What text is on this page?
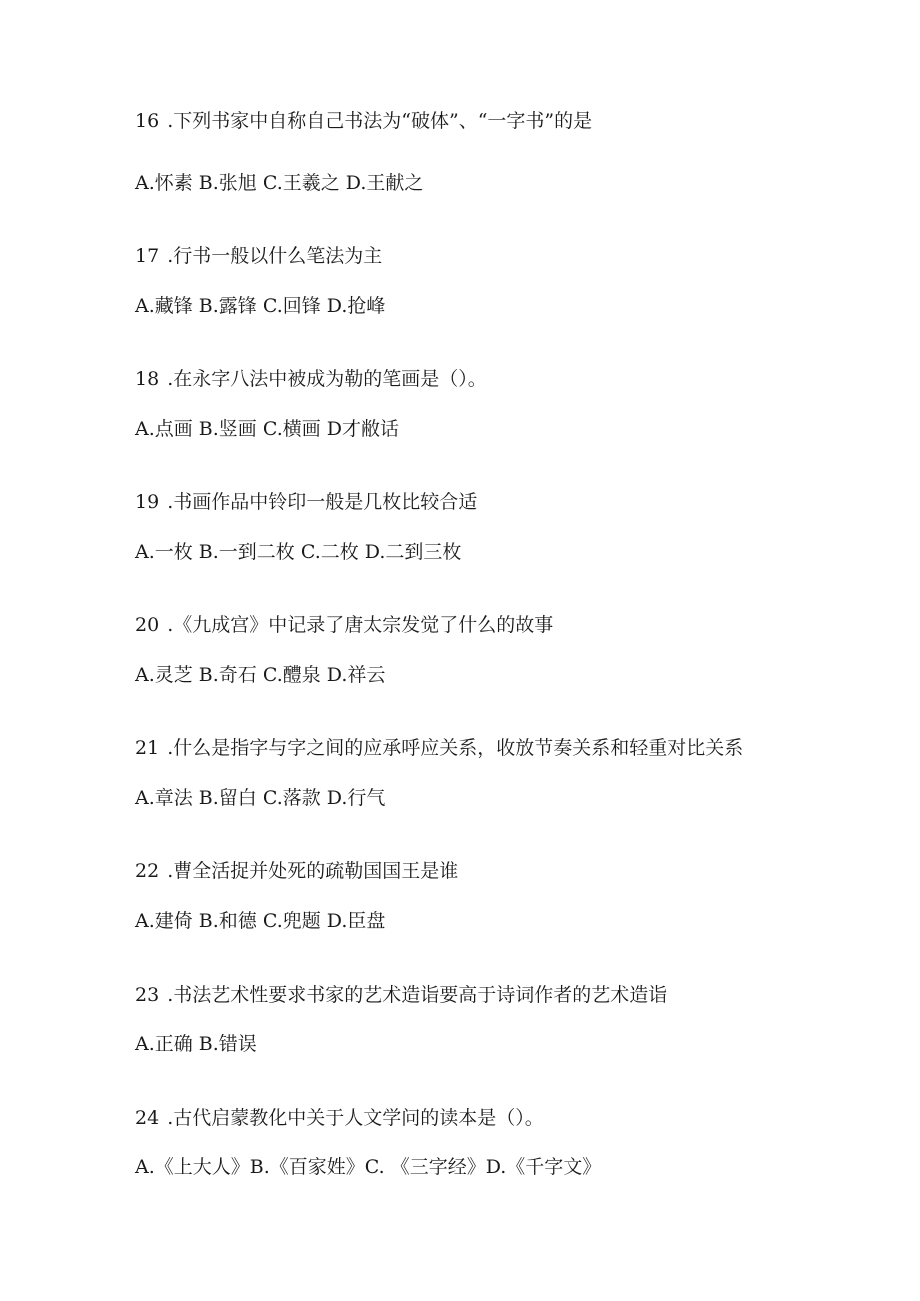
16 .下列书家中自称自己书法为“破体”、“一字书”的是
A.怀素 B.张旭 C.王羲之 D.王献之
17 .行书一般以什么笔法为主
A.藏锋 B.露锋 C.回锋 D.抢峰
18 .在永字八法中被成为勒的笔画是（）。
A.点画 B.竖画 C.横画 D才敝话
19 .书画作品中铃印一般是几枚比较合适
A.一枚 B.一到二枚 C.二枚 D.二到三枚
20 .《九成宫》中记录了唐太宗发觉了什么的故事
A.灵芝 B.奇石 C.醴泉 D.祥云
21 .什么是指字与字之间的应承呼应关系，收放节奏关系和轻重对比关系
A.章法 B.留白 C.落款 D.行气
22 .曹全活捉并处死的疏勒国国王是谁
A.建倚 B.和德 C.兜题 D.臣盘
23 .书法艺术性要求书家的艺术造诣要高于诗词作者的艺术造诣
A.正确 B.错误
24 .古代启蒙教化中关于人文学问的读本是（）。
A.《上大人》B.《百家姓》C. 《三字经》D.《千字文》
